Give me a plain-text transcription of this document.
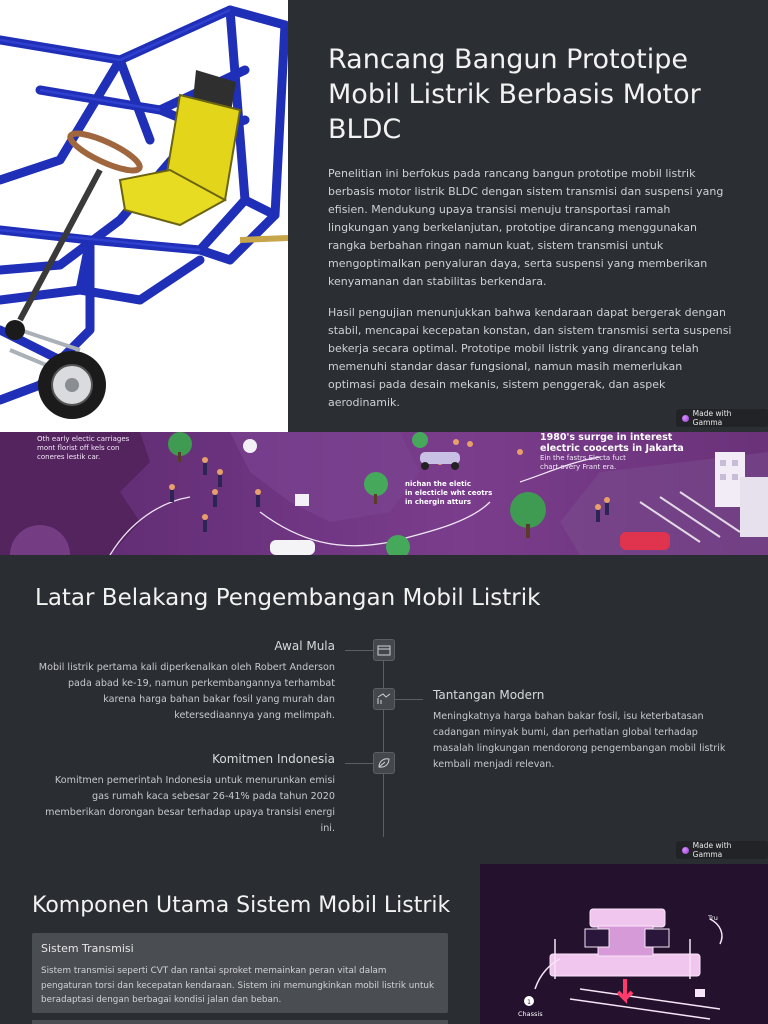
Rancang Bangun Prototipe Mobil Listrik Berbasis Motor BLDC

Penelitian ini berfokus pada rancang bangun prototipe mobil listrik berbasis motor listrik BLDC dengan sistem transmisi dan suspensi yang efisien. Mendukung upaya transisi menuju transportasi ramah lingkungan yang berkelanjutan, prototipe dirancang menggunakan rangka berbahan ringan namun kuat, sistem transmisi untuk mengoptimalkan penyaluran daya, serta suspensi yang memberikan kenyamanan dan stabilitas berkendara.

Hasil pengujian menunjukkan bahwa kendaraan dapat bergerak dengan stabil, mencapai kecepatan konstan, dan sistem transmisi serta suspensi bekerja secara optimal. Prototipe mobil listrik yang dirancang telah memenuhi standar dasar fungsional, namun masih memerlukan optimasi pada desain mekanis, sistem penggerak, dan aspek aerodinamik.

Made with Gamma
Oth early electic carriages
mont florist off kels con
coneres lestik car.
nichan the eletic
in electicle wht ceotrs
in chergin atturs
1980's surrge in interest
electric coocerts in Jakarta
Ein the fastrs Electa fuct
chart overy Frant era.
Latar Belakang Pengembangan Mobil Listrik
Awal Mula
Mobil listrik pertama kali diperkenalkan oleh Robert Anderson pada abad ke-19, namun perkembangannya terhambat karena harga bahan bakar fosil yang murah dan ketersediaannya yang melimpah.
Tantangan Modern
Meningkatnya harga bahan bakar fosil, isu keterbatasan cadangan minyak bumi, dan perhatian global terhadap masalah lingkungan mendorong pengembangan mobil listrik kembali menjadi relevan.
Komitmen Indonesia
Komitmen pemerintah Indonesia untuk menurunkan emisi gas rumah kaca sebesar 26-41% pada tahun 2020 memberikan dorongan besar terhadap upaya transisi energi ini.
Made with Gamma
Komponen Utama Sistem Mobil Listrik
Sistem Transmisi
Sistem transmisi seperti CVT dan rantai sproket memainkan peran vital dalam pengaturan torsi dan kecepatan kendaraan. Sistem ini memungkinkan mobil listrik untuk beradaptasi dengan berbagai kondisi jalan dan beban.	1
Chassis
Tru
